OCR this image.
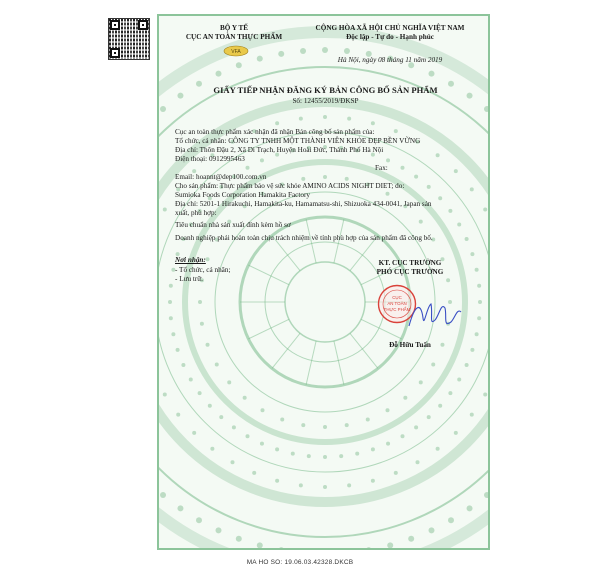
BỘ Y TẾ
CỤC AN TOÀN THỰC PHẨM
VFA
CỘNG HÒA XÃ HỘI CHỦ NGHĨA VIỆT NAM
Độc lập - Tự do - Hạnh phúc
Hà Nội, ngày 08 tháng 11 năm 2019
GIẤY TIẾP NHẬN ĐĂNG KÝ BẢN CÔNG BỐ SẢN PHẨM
Số: 12455/2019/ĐKSP
Cục an toàn thực phẩm xác nhận đã nhận Bản công bố sản phẩm của:
Tổ chức, cá nhân: CÔNG TY TNHH MỘT THÀNH VIÊN KHỎE ĐẸP BỀN VỮNG
Địa chỉ: Thôn Đậu 2, Xã Di Trạch, Huyện Hoài Đức, Thành Phố Hà Nội
Điện thoại: 0912995463
Fax:
Email: hoannt@dep100.com.vn
Cho sản phẩm: Thực phẩm bảo vệ sức khỏe AMINO ACIDS NIGHT DIET; do:
Sumioka Foods Corporation Hamakita Factory
Địa chỉ: 5201-1 Hirakuchi, Hamakita-ku, Hamamatsu-shi, Shizuoka 434-0041, Japan sản
xuất, phù hợp:
Tiêu chuẩn nhà sản xuất đính kèm hồ sơ
Doanh nghiệp phải hoàn toàn chịu trách nhiệm về tính phù hợp của sản phẩm đã công bố.
Nơi nhận:
- Tổ chức, cá nhân;
- Lưu trữ.
KT. CỤC TRƯỞNG
PHÓ CỤC TRƯỞNG
CỤC
AN TOÀN
THỰC PHẨM
Đỗ Hữu Tuấn
MA HO SO: 19.06.03.42328.DKCB
